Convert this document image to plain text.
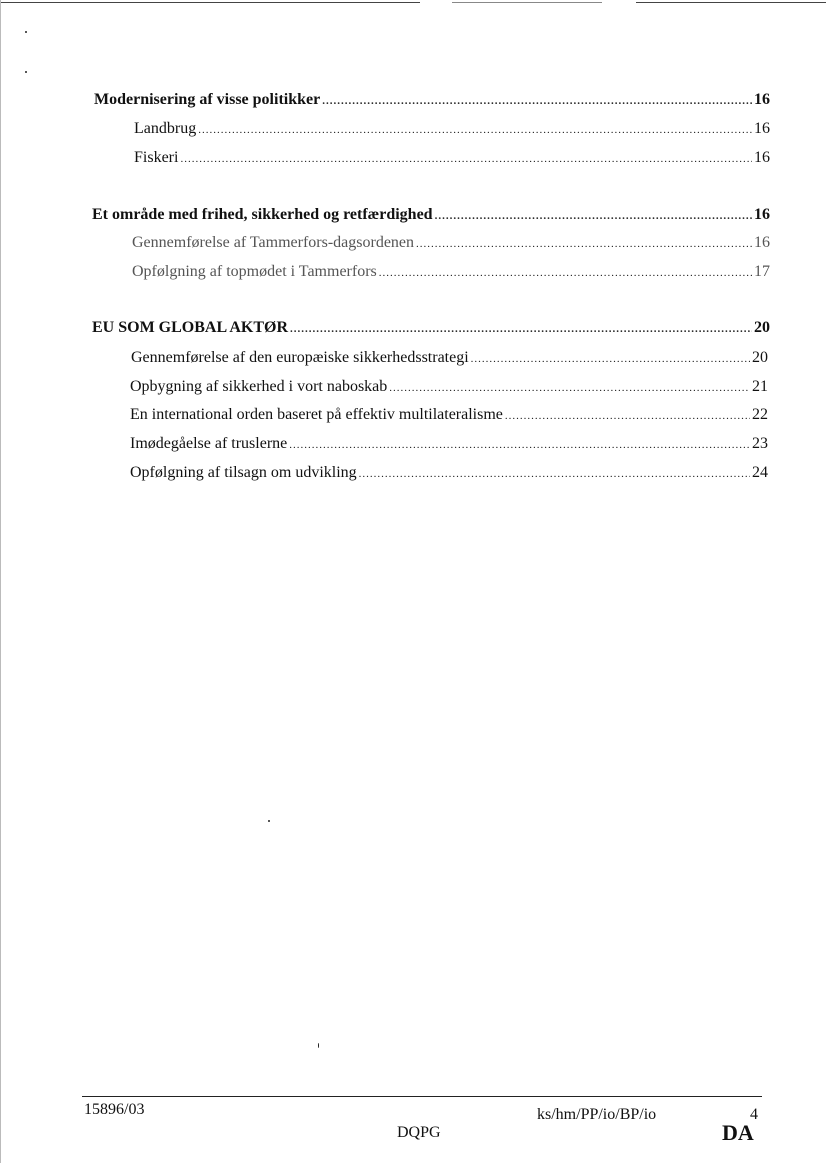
Modernisering af visse politikker .....	16
Landbrug .....	16
Fiskeri .....	16
Et område med frihed, sikkerhed og retfærdighed .....	16
Gennemførelse af Tammerfors-dagsordenen .....	16
Opfølgning af topmødet i Tammerfors .....	17
EU SOM GLOBAL AKTØR .....	20
Gennemførelse af den europæiske sikkerhedsstrategi .....	20
Opbygning af sikkerhed i vort naboskab .....	21
En international orden baseret på effektiv multilateralisme .....	22
Imødegåelse af truslerne .....	23
Opfølgning af tilsagn om udvikling .....	24
15896/03	ks/hm/PP/io/BP/io	4
DQPG	DA
